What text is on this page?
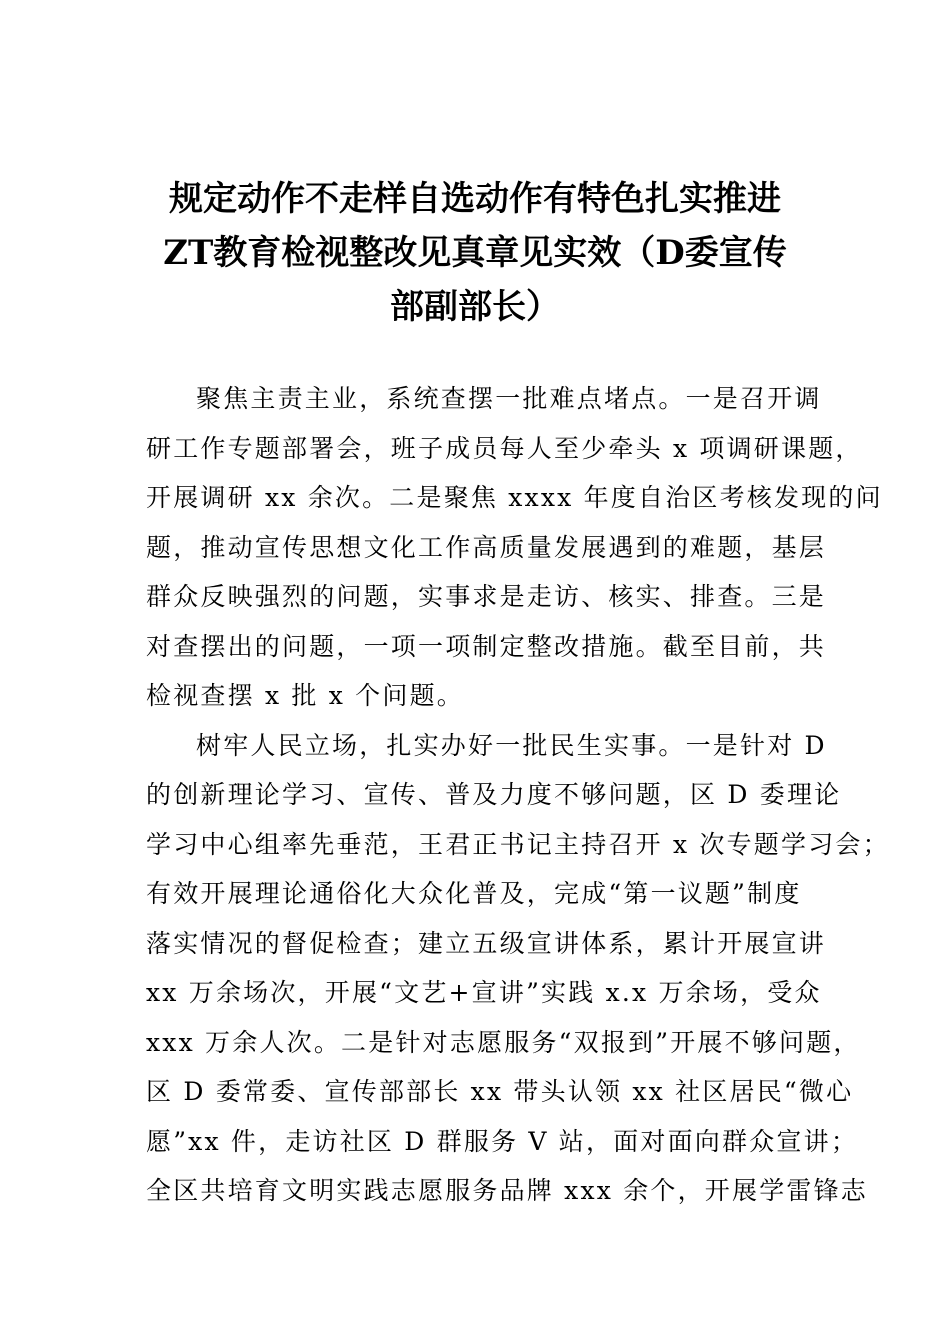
规定动作不走样自选动作有特色扎实推进
ZT教育检视整改见真章见实效（D委宣传
部副部长）

聚焦主责主业，系统查摆一批难点堵点。一是召开调
研工作专题部署会，班子成员每人至少牵头 x 项调研课题，
开展调研 xx 余次。二是聚焦 xxxx 年度自治区考核发现的问
题，推动宣传思想文化工作高质量发展遇到的难题，基层
群众反映强烈的问题，实事求是走访、核实、排查。三是
对查摆出的问题，一项一项制定整改措施。截至目前，共
检视查摆 x 批 x 个问题。

树牢人民立场，扎实办好一批民生实事。一是针对 D
的创新理论学习、宣传、普及力度不够问题，区 D 委理论
学习中心组率先垂范，王君正书记主持召开 x 次专题学习会；
有效开展理论通俗化大众化普及，完成“第一议题”制度
落实情况的督促检查；建立五级宣讲体系，累计开展宣讲
xx 万余场次，开展“文艺+宣讲”实践 x.x 万余场，受众
xxx 万余人次。二是针对志愿服务“双报到”开展不够问题，
区 D 委常委、宣传部部长 xx 带头认领 xx 社区居民“微心
愿”xx 件，走访社区 D 群服务 V 站，面对面向群众宣讲；
全区共培育文明实践志愿服务品牌 xxx 余个，开展学雷锋志
